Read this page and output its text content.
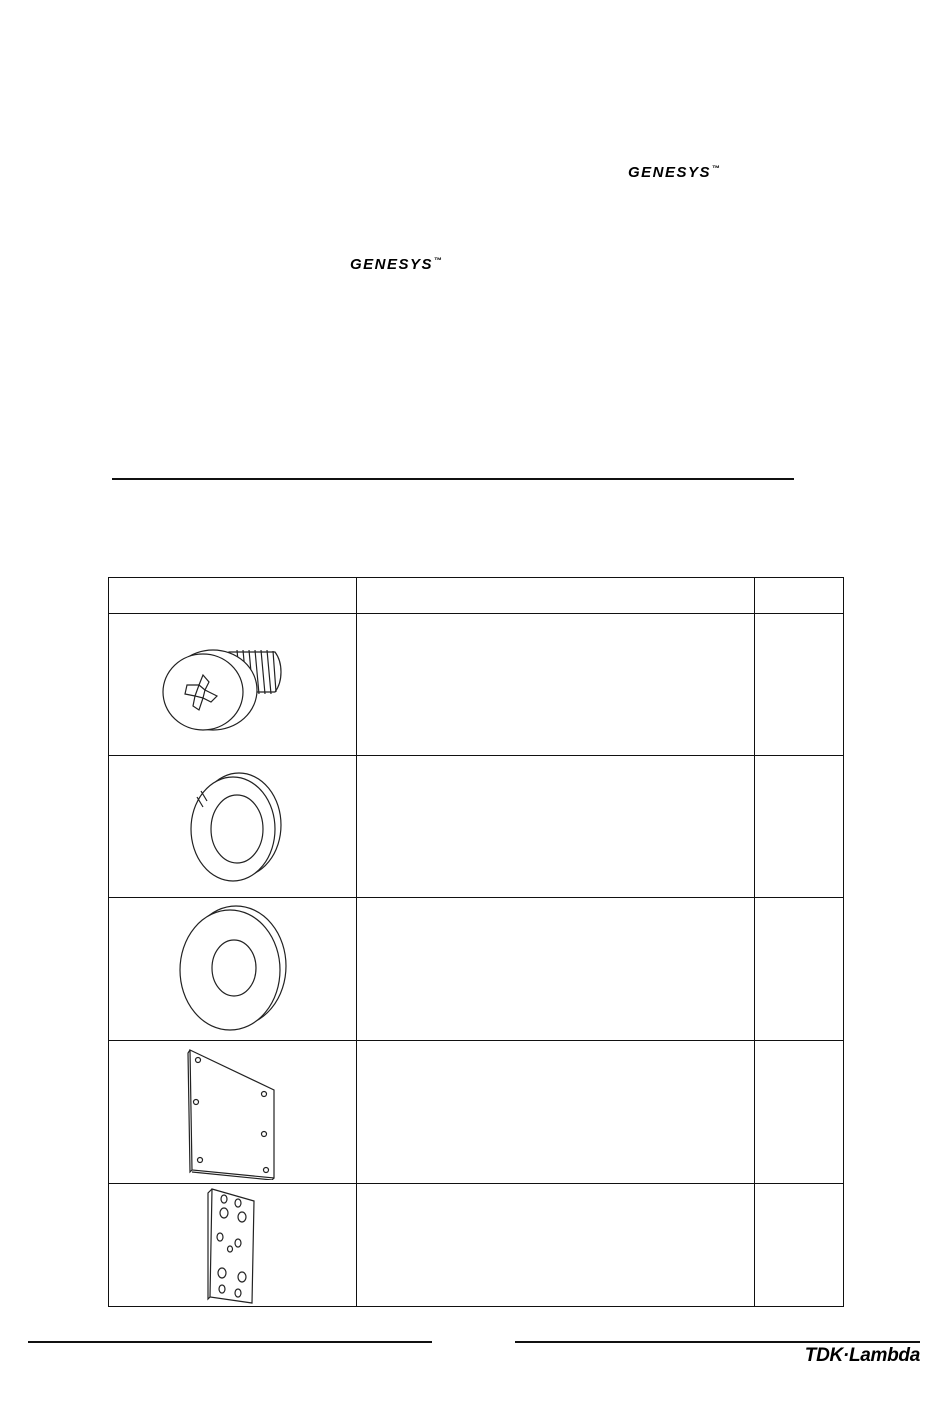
GENESYS™
GENESYS™

TDK·Lambda
